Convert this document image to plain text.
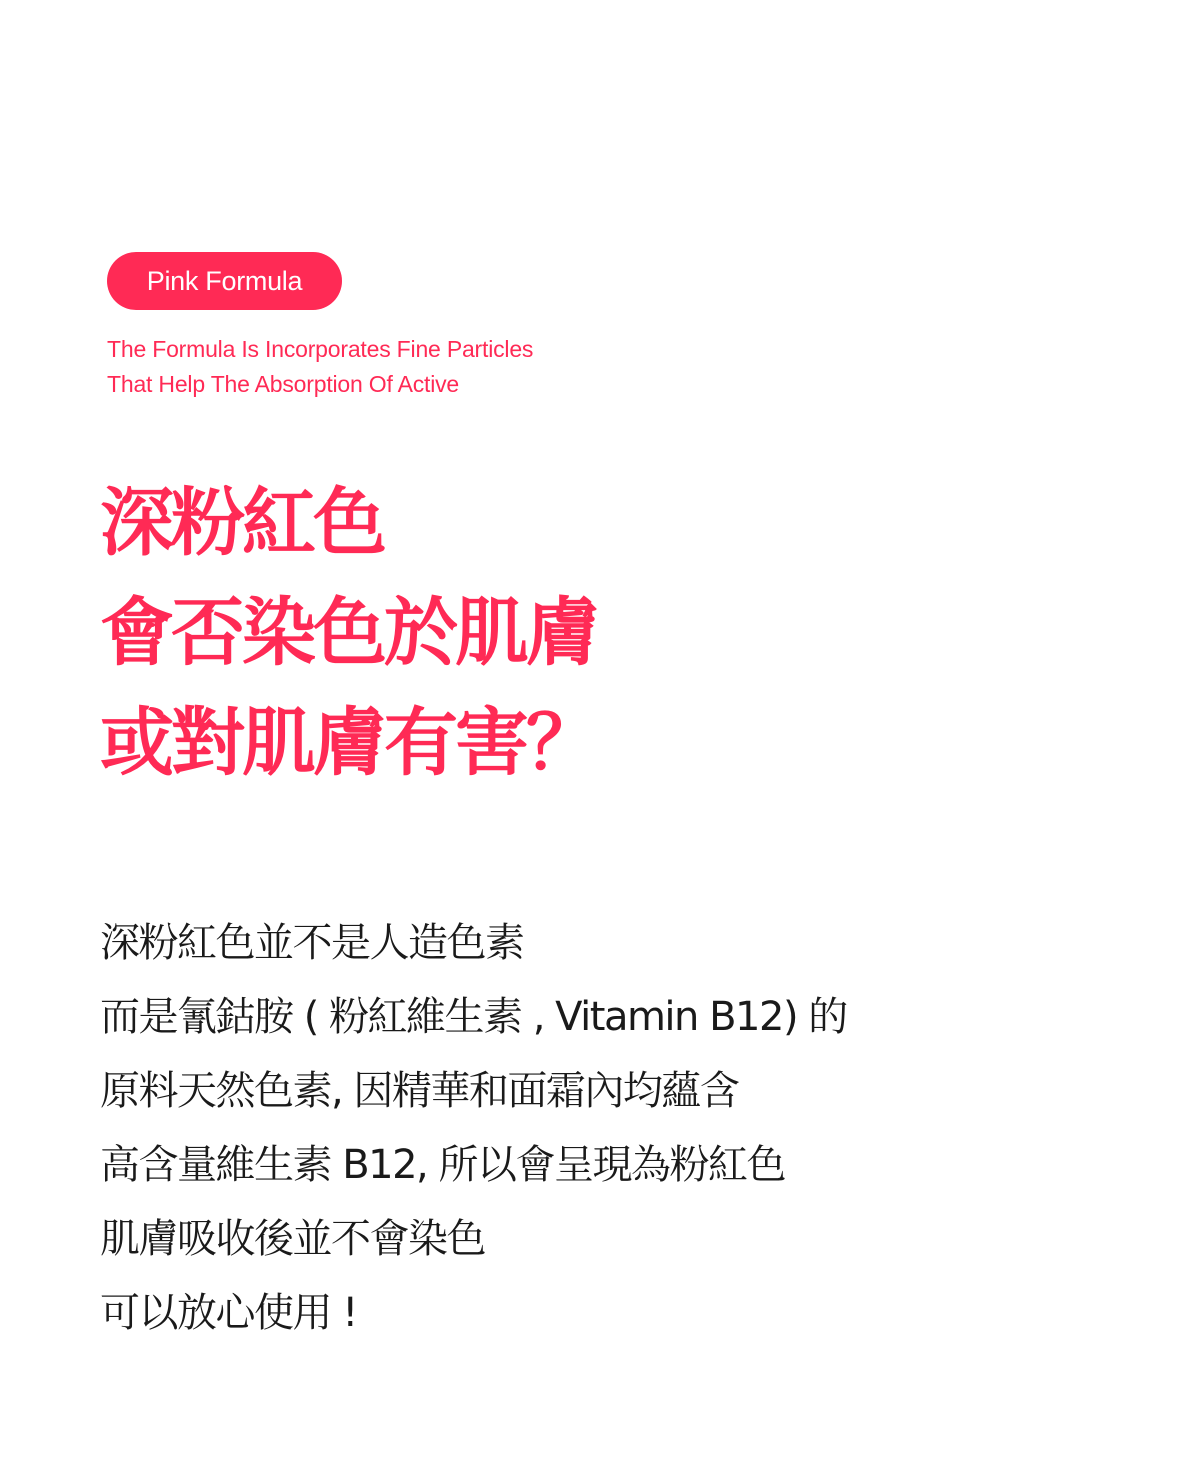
Pink Formula
The Formula Is Incorporates Fine Particles
That Help The Absorption Of Active
深粉紅色
會否染色於肌膚
或對肌膚有害？
深粉紅色並不是人造色素
而是氰鈷胺 ( 粉紅維生素 , Vitamin B12) 的
原料天然色素, 因精華和面霜內均蘊含
高含量維生素 B12, 所以會呈現為粉紅色
肌膚吸收後並不會染色
可以放心使用 !
